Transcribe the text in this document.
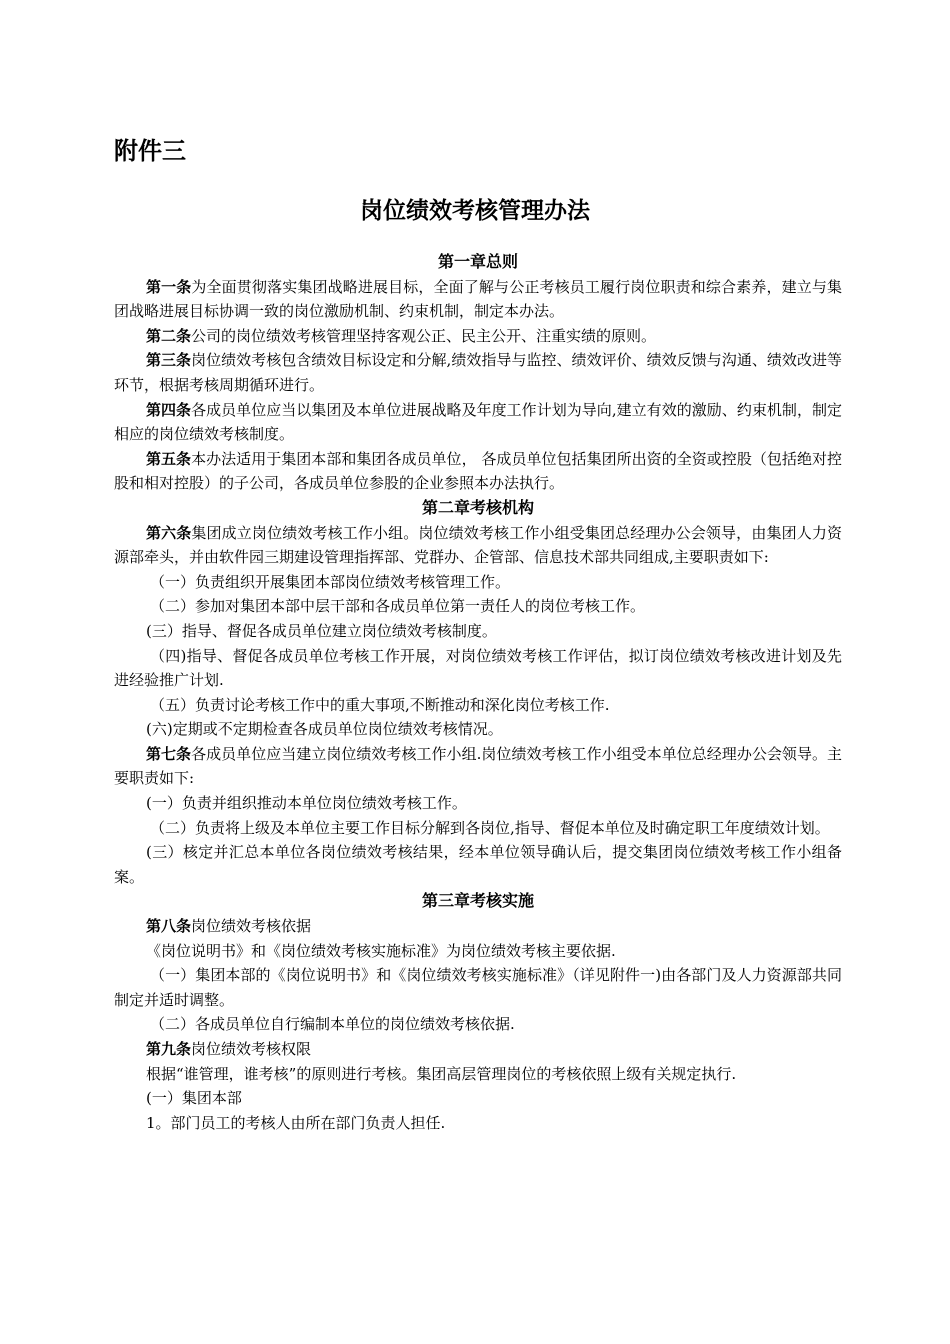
附件三
岗位绩效考核管理办法
第一章总则

第一条为全面贯彻落实集团战略进展目标，全面了解与公正考核员工履行岗位职责和综合素养，建立与集团战略进展目标协调一致的岗位激励机制、约束机制，制定本办法。

第二条公司的岗位绩效考核管理坚持客观公正、民主公开、注重实绩的原则。

第三条岗位绩效考核包含绩效目标设定和分解,绩效指导与监控、绩效评价、绩效反馈与沟通、绩效改进等环节，根据考核周期循环进行。

第四条各成员单位应当以集团及本单位进展战略及年度工作计划为导向,建立有效的激励、约束机制，制定相应的岗位绩效考核制度。

第五条本办法适用于集团本部和集团各成员单位， 各成员单位包括集团所出资的全资或控股（包括绝对控股和相对控股）的子公司，各成员单位参股的企业参照本办法执行。

第二章考核机构

第六条集团成立岗位绩效考核工作小组。岗位绩效考核工作小组受集团总经理办公会领导，由集团人力资源部牵头，并由软件园三期建设管理指挥部、党群办、企管部、信息技术部共同组成,主要职责如下:

（一）负责组织开展集团本部岗位绩效考核管理工作。

（二）参加对集团本部中层干部和各成员单位第一责任人的岗位考核工作。

(三）指导、督促各成员单位建立岗位绩效考核制度。

（四)指导、督促各成员单位考核工作开展，对岗位绩效考核工作评估，拟订岗位绩效考核改进计划及先进经验推广计划.

（五）负责讨论考核工作中的重大事项,不断推动和深化岗位考核工作.

(六)定期或不定期检查各成员单位岗位绩效考核情况。

第七条各成员单位应当建立岗位绩效考核工作小组.岗位绩效考核工作小组受本单位总经理办公会领导。主要职责如下:

(一）负责并组织推动本单位岗位绩效考核工作。

（二）负责将上级及本单位主要工作目标分解到各岗位,指导、督促本单位及时确定职工年度绩效计划。

(三）核定并汇总本单位各岗位绩效考核结果，经本单位领导确认后，提交集团岗位绩效考核工作小组备案。

第三章考核实施

第八条岗位绩效考核依据

《岗位说明书》和《岗位绩效考核实施标准》为岗位绩效考核主要依据.

（一）集团本部的《岗位说明书》和《岗位绩效考核实施标准》（详见附件一)由各部门及人力资源部共同制定并适时调整。

（二）各成员单位自行编制本单位的岗位绩效考核依据.

第九条岗位绩效考核权限

根据“谁管理，谁考核”的原则进行考核。集团高层管理岗位的考核依照上级有关规定执行.

(一）集团本部

1。部门员工的考核人由所在部门负责人担任.
